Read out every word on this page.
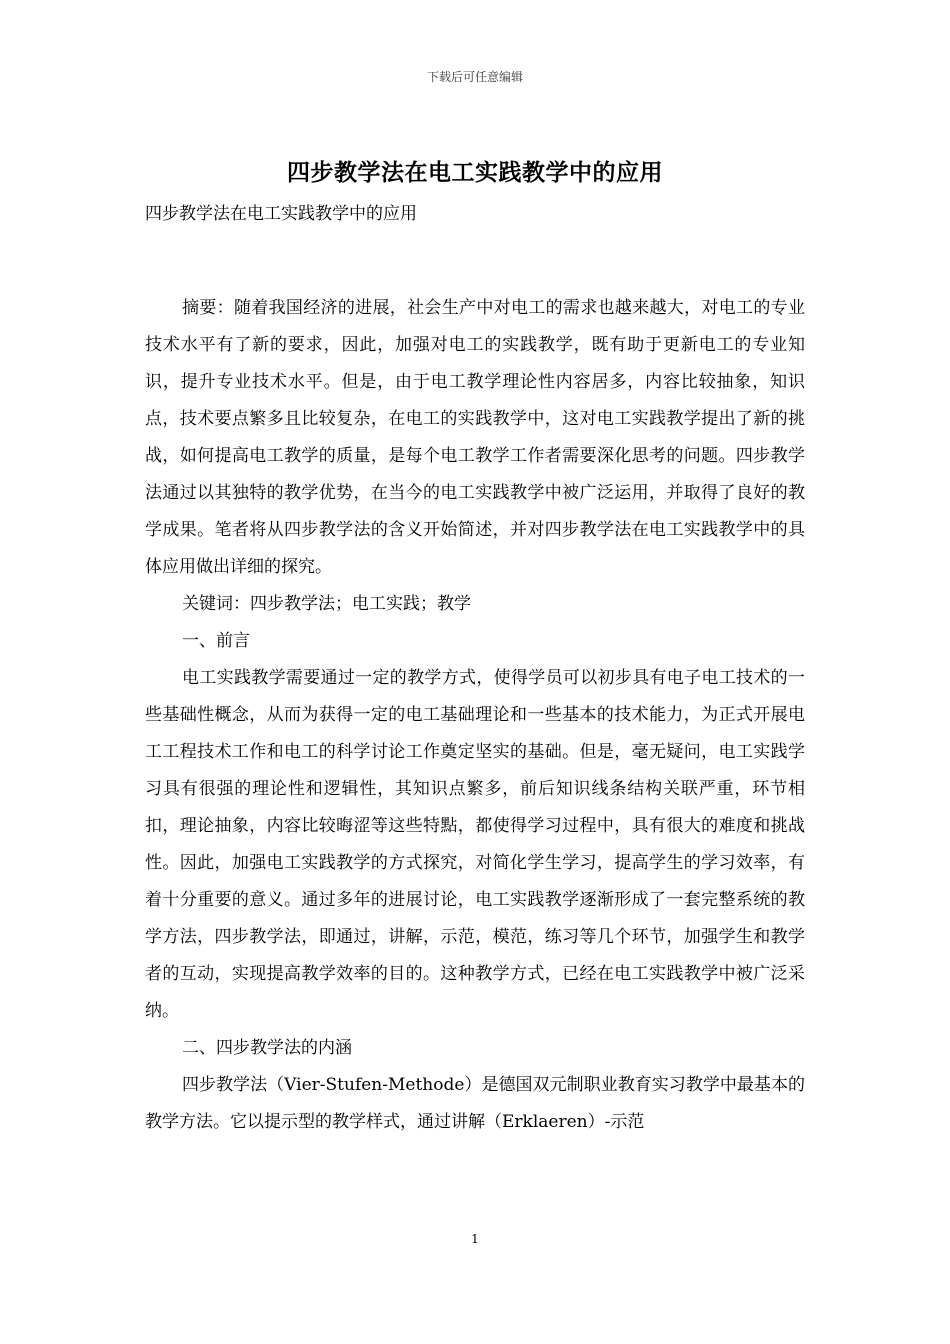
下载后可任意编辑
四步教学法在电工实践教学中的应用

四步教学法在电工实践教学中的应用

摘要：随着我国经济的进展，社会生产中对电工的需求也越来越大，对电工的专业技术水平有了新的要求，因此，加强对电工的实践教学，既有助于更新电工的专业知识，提升专业技术水平。但是，由于电工教学理论性内容居多，内容比较抽象，知识点，技术要点繁多且比较复杂，在电工的实践教学中，这对电工实践教学提出了新的挑战，如何提高电工教学的质量，是每个电工教学工作者需要深化思考的问题。四步教学法通过以其独特的教学优势，在当今的电工实践教学中被广泛运用，并取得了良好的教学成果。笔者将从四步教学法的含义开始简述，并对四步教学法在电工实践教学中的具体应用做出详细的探究。

关键词：四步教学法；电工实践；教学

一、前言

电工实践教学需要通过一定的教学方式，使得学员可以初步具有电子电工技术的一些基础性概念，从而为获得一定的电工基础理论和一些基本的技术能力，为正式开展电工工程技术工作和电工的科学讨论工作奠定坚实的基础。但是，毫无疑问，电工实践学习具有很强的理论性和逻辑性，其知识点繁多，前后知识线条结构关联严重，环节相扣，理论抽象，内容比较晦涩等这些特點，都使得学习过程中，具有很大的难度和挑战性。因此，加强电工实践教学的方式探究，对简化学生学习，提高学生的学习效率，有着十分重要的意义。通过多年的进展讨论，电工实践教学逐渐形成了一套完整系统的教学方法，四步教学法，即通过，讲解，示范，模范，练习等几个环节，加强学生和教学者的互动，实现提高教学效率的目的。这种教学方式，已经在电工实践教学中被广泛采纳。

二、四步教学法的内涵

四步教学法（Vier-Stufen-Methode）是德国双元制职业教育实习教学中最基本的教学方法。它以提示型的教学样式，通过讲解（Erklaeren）-示范

1
